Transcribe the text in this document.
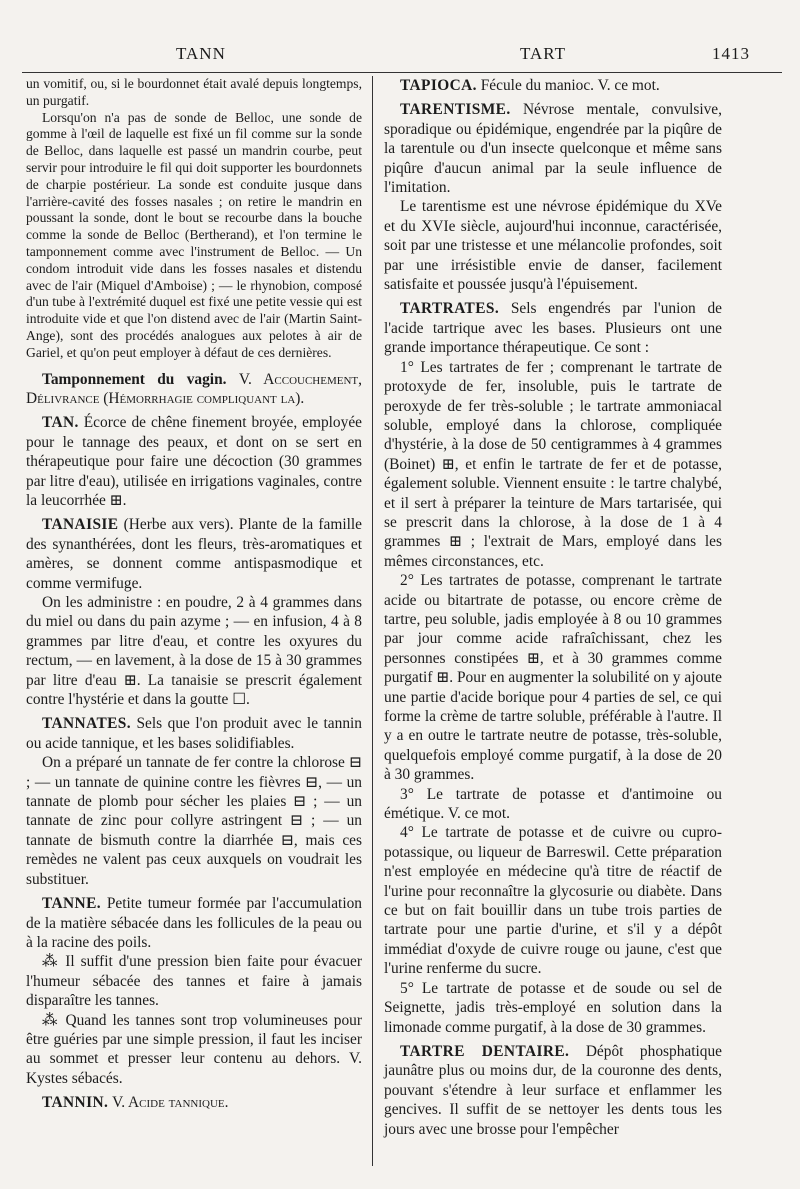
TANN	TART	1413

un vomitif, ou, si le bourdonnet était avalé depuis longtemps, un purgatif.

Lorsqu'on n'a pas de sonde de Belloc, une sonde de gomme à l'œil de laquelle est fixé un fil comme sur la sonde de Belloc, dans laquelle est passé un mandrin courbe, peut servir pour introduire le fil qui doit supporter les bourdonnets de charpie postérieur. La sonde est conduite jusque dans l'arrière-cavité des fosses nasales ; on retire le mandrin en poussant la sonde, dont le bout se recourbe dans la bouche comme la sonde de Belloc (Bertherand), et l'on termine le tamponnement comme avec l'instrument de Belloc. — Un condom introduit vide dans les fosses nasales et distendu avec de l'air (Miquel d'Amboise) ; — le rhynobion, composé d'un tube à l'extrémité duquel est fixé une petite vessie qui est introduite vide et que l'on distend avec de l'air (Martin Saint-Ange), sont des procédés analogues aux pelotes à air de Gariel, et qu'on peut employer à défaut de ces dernières.

Tamponnement du vagin. V. Accouchement, Délivrance (Hémorrhagie compliquant la).

TAN. Écorce de chêne finement broyée, employée pour le tannage des peaux, et dont on se sert en thérapeutique pour faire une décoction (30 grammes par litre d'eau), utilisée en irrigations vaginales, contre la leucorrhée ⊞.

TANAISIE (Herbe aux vers). Plante de la famille des synanthérées, dont les fleurs, très-aromatiques et amères, se donnent comme antispasmodique et comme vermifuge.

On les administre : en poudre, 2 à 4 grammes dans du miel ou dans du pain azyme ; — en infusion, 4 à 8 grammes par litre d'eau, et contre les oxyures du rectum, — en lavement, à la dose de 15 à 30 grammes par litre d'eau ⊞. La tanaisie se prescrit également contre l'hystérie et dans la goutte ☐.

TANNATES. Sels que l'on produit avec le tannin ou acide tannique, et les bases solidifiables.

On a préparé un tannate de fer contre la chlorose ⊟ ; — un tannate de quinine contre les fièvres ⊟, — un tannate de plomb pour sécher les plaies ⊟ ; — un tannate de zinc pour collyre astringent ⊟ ; — un tannate de bismuth contre la diarrhée ⊟, mais ces remèdes ne valent pas ceux auxquels on voudrait les substituer.

TANNE. Petite tumeur formée par l'accumulation de la matière sébacée dans les follicules de la peau ou à la racine des poils.

⁂ Il suffit d'une pression bien faite pour évacuer l'humeur sébacée des tannes et faire à jamais disparaître les tannes.

⁂ Quand les tannes sont trop volumineuses pour être guéries par une simple pression, il faut les inciser au sommet et presser leur contenu au dehors. V. Kystes sébacés.

TANNIN. V. Acide tannique.

TAPIOCA. Fécule du manioc. V. ce mot.

TARENTISME. Névrose mentale, convulsive, sporadique ou épidémique, engendrée par la piqûre de la tarentule ou d'un insecte quelconque et même sans piqûre d'aucun animal par la seule influence de l'imitation.

Le tarentisme est une névrose épidémique du XVe et du XVIe siècle, aujourd'hui inconnue, caractérisée, soit par une tristesse et une mélancolie profondes, soit par une irrésistible envie de danser, facilement satisfaite et poussée jusqu'à l'épuisement.

TARTRATES. Sels engendrés par l'union de l'acide tartrique avec les bases. Plusieurs ont une grande importance thérapeutique. Ce sont :

1° Les tartrates de fer ; comprenant le tartrate de protoxyde de fer, insoluble, puis le tartrate de peroxyde de fer très-soluble ; le tartrate ammoniacal soluble, employé dans la chlorose, compliquée d'hystérie, à la dose de 50 centigrammes à 4 grammes (Boinet) ⊞, et enfin le tartrate de fer et de potasse, également soluble. Viennent ensuite : le tartre chalybé, et il sert à préparer la teinture de Mars tartarisée, qui se prescrit dans la chlorose, à la dose de 1 à 4 grammes ⊞ ; l'extrait de Mars, employé dans les mêmes circonstances, etc.

2° Les tartrates de potasse, comprenant le tartrate acide ou bitartrate de potasse, ou encore crème de tartre, peu soluble, jadis employée à 8 ou 10 grammes par jour comme acide rafraîchissant, chez les personnes constipées ⊞, et à 30 grammes comme purgatif ⊞. Pour en augmenter la solubilité on y ajoute une partie d'acide borique pour 4 parties de sel, ce qui forme la crème de tartre soluble, préférable à l'autre. Il y a en outre le tartrate neutre de potasse, très-soluble, quelquefois employé comme purgatif, à la dose de 20 à 30 grammes.

3° Le tartrate de potasse et d'antimoine ou émétique. V. ce mot.

4° Le tartrate de potasse et de cuivre ou cupro-potassique, ou liqueur de Barreswil. Cette préparation n'est employée en médecine qu'à titre de réactif de l'urine pour reconnaître la glycosurie ou diabète. Dans ce but on fait bouillir dans un tube trois parties de tartrate pour une partie d'urine, et s'il y a dépôt immédiat d'oxyde de cuivre rouge ou jaune, c'est que l'urine renferme du sucre.

5° Le tartrate de potasse et de soude ou sel de Seignette, jadis très-employé en solution dans la limonade comme purgatif, à la dose de 30 grammes.

TARTRE DENTAIRE. Dépôt phosphatique jaunâtre plus ou moins dur, de la couronne des dents, pouvant s'étendre à leur surface et enflammer les gencives. Il suffit de se nettoyer les dents tous les jours avec une brosse pour l'empêcher
